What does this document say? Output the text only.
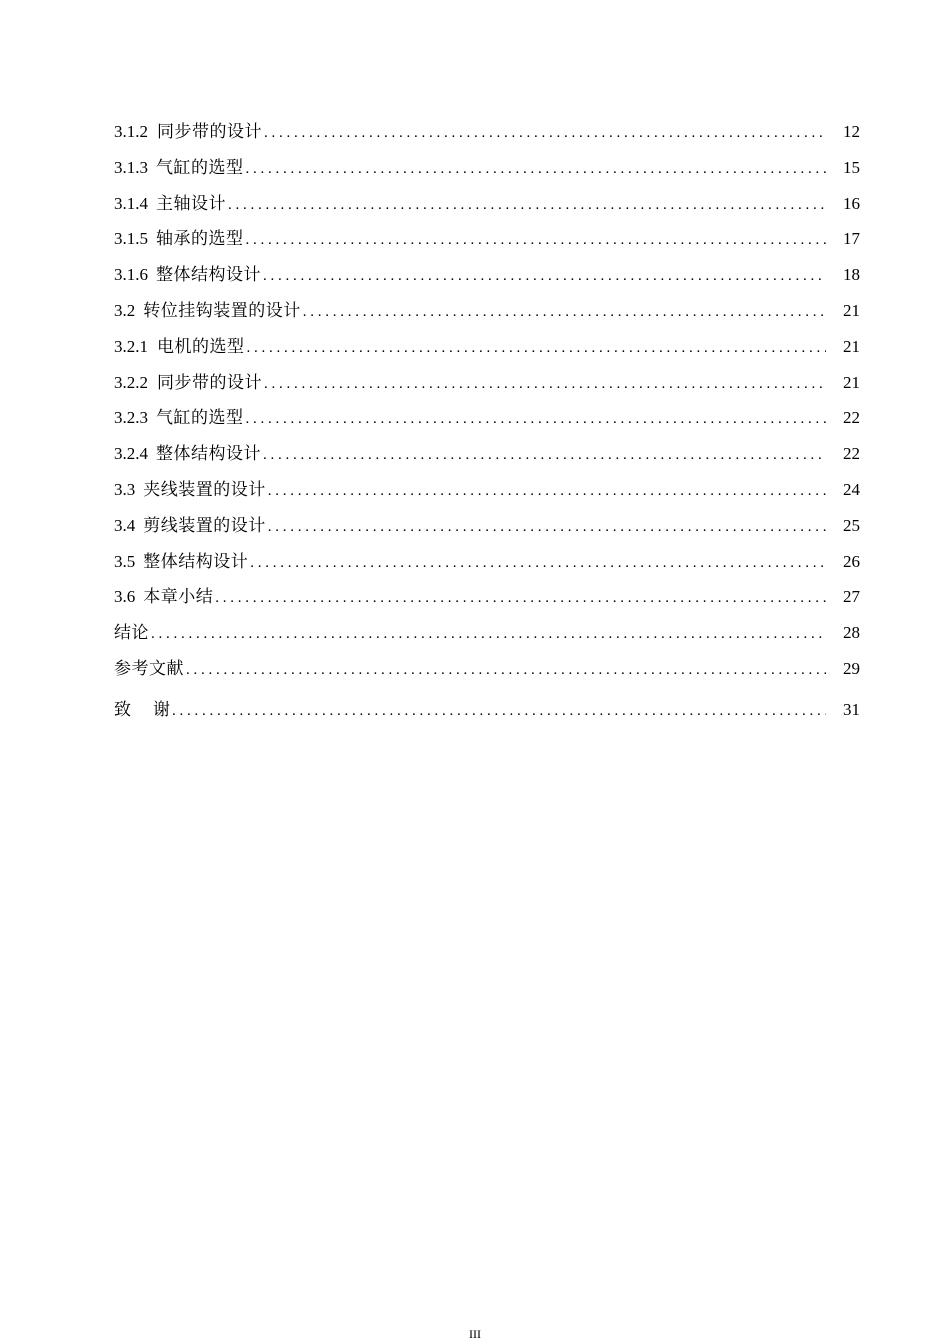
3.1.2 同步带的设计 . . .	12
3.1.3 气缸的选型 . . .	15
3.1.4 主轴设计 . . .	16
3.1.5 轴承的选型 . . .	17
3.1.6 整体结构设计 . . .	18
3.2 转位挂钩装置的设计 . . .	21
3.2.1 电机的选型 . . .	21
3.2.2 同步带的设计 . . .	21
3.2.3 气缸的选型 . . .	22
3.2.4 整体结构设计 . . .	22
3.3 夹线装置的设计 . . .	24
3.4 剪线装置的设计 . . .	25
3.5 整体结构设计 . . .	26
3.6 本章小结 . . .	27
结论 . . .	28
参考文献 . . .	29
致 谢 . . .	31
III
